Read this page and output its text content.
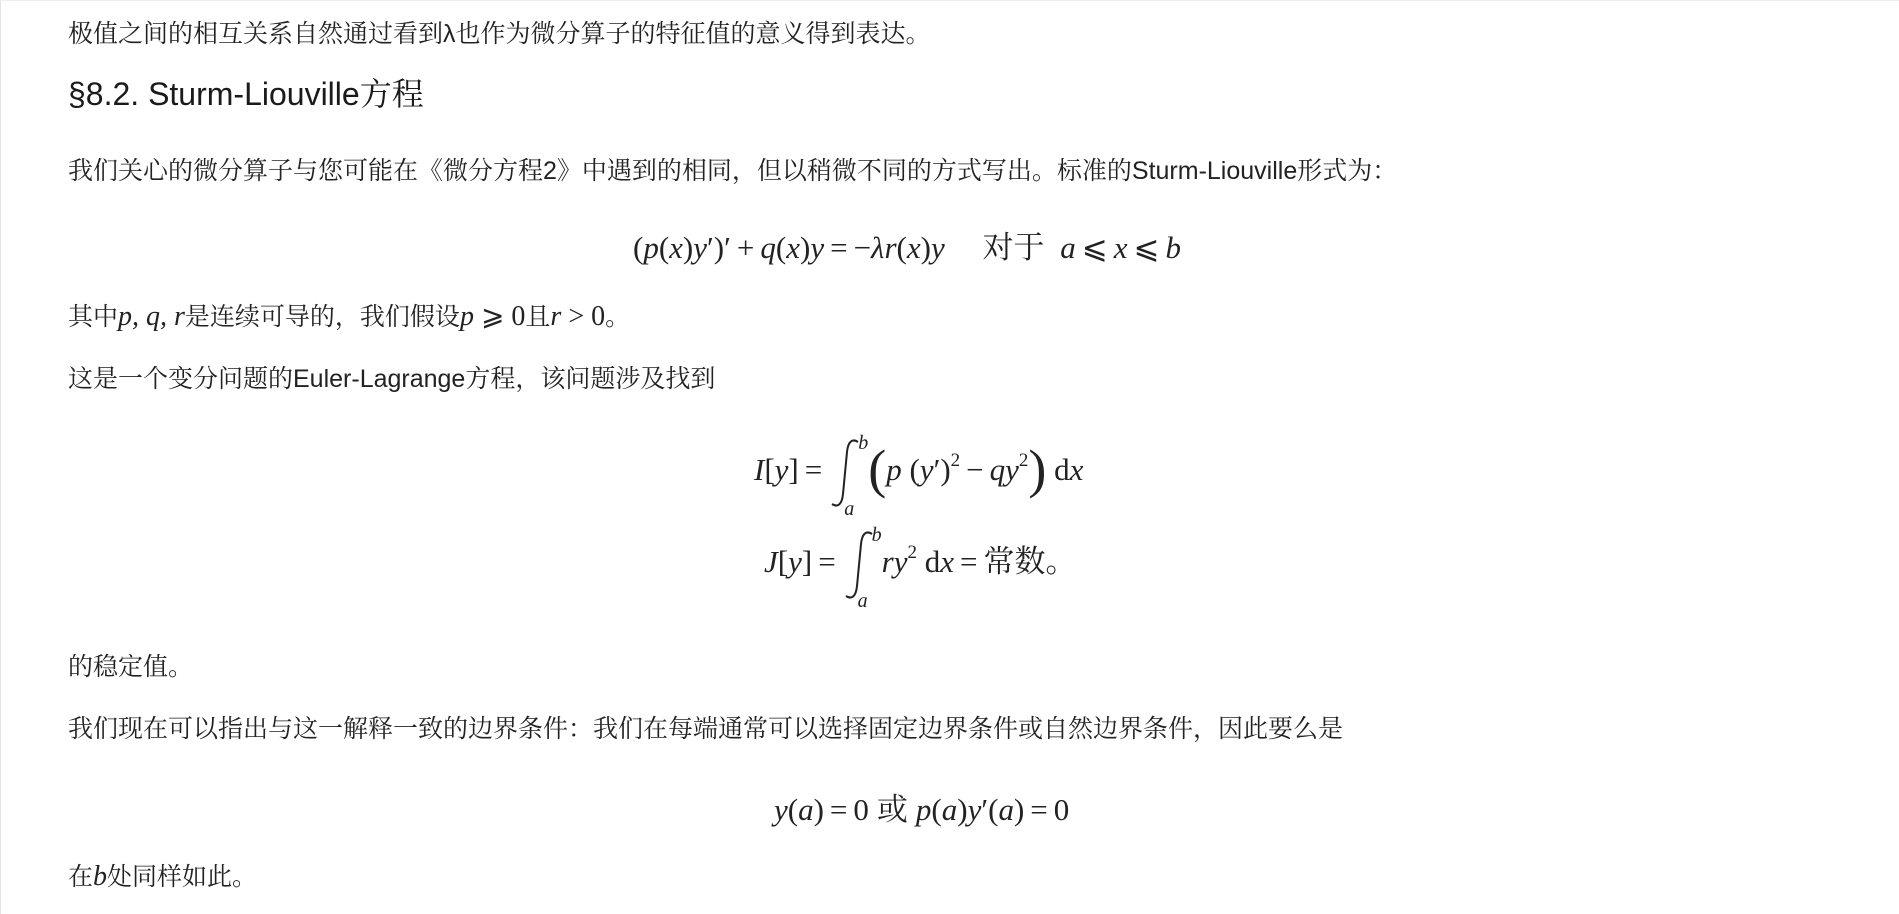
极值之间的相互关系自然通过看到λ也作为微分算子的特征值的意义得到表达。
§8.2. Sturm-Liouville方程
我们关心的微分算子与您可能在《微分方程2》中遇到的相同，但以稍微不同的方式写出。标准的Sturm-Liouville形式为：
(p(x)y′)′ + q(x)y = −λr(x)y 对于 a ⩽ x ⩽ b
其中p, q, r是连续可导的，我们假设p ⩾ 0且r > 0。
这是一个变分问题的Euler-Lagrange方程，该问题涉及找到
I[y] =
b
a
(p $(y')^2 - qy^2$) dx
J[y] =
b
a
$ry^2$ dx = 常数。
的稳定值。
我们现在可以指出与这一解释一致的边界条件：我们在每端通常可以选择固定边界条件或自然边界条件，因此要么是
y(a) = 0 或 p(a)y′(a) = 0
在b处同样如此。
